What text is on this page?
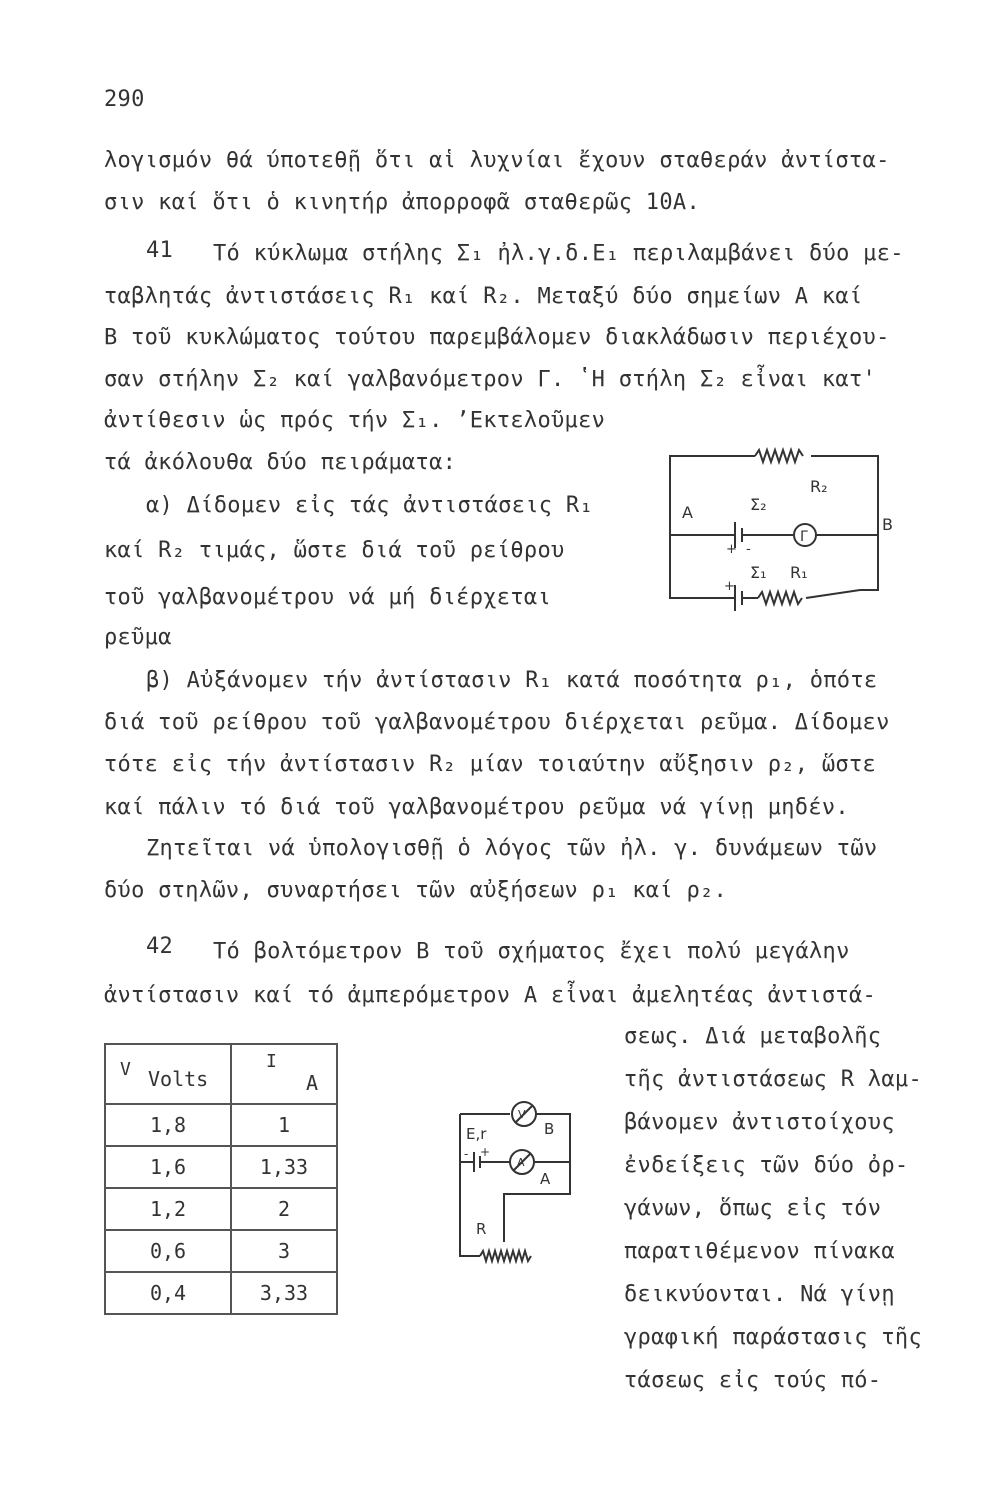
290
λογισμόν θά ύποτεθῇ ὅτι αἱ λυχνίαι ἔχουν σταθεράν ἀντίστα-
σιν καί ὅτι ὁ κινητήρ ἀπορροφᾶ σταθερῶς 10Α.
41 Τό κύκλωμα στήλης Σ₁ ἠλ.γ.δ.Ε₁ περιλαμβάνει δύο με-
ταβλητάς ἀντιστάσεις R₁ καί R₂. Μεταξύ δύο σημείων Α καί
Β τοῦ κυκλώματος τούτου παρεμβάλομεν διακλάδωσιν περιέχου-
σαν στήλην Σ₂ καί γαλβανόμετρον Γ. ʽΗ στήλη Σ₂ εἶναι κατ'
ἀντίθεσιν ὡς πρός τήν Σ₁. ʼΕκτελοῦμεν
τά ἀκόλουθα δύο πειράματα:
α) Δίδομεν εἰς τάς ἀντιστάσεις R₁
καί R₂ τιμάς, ὥστε διά τοῦ ρείθρου
τοῦ γαλβανομέτρου νά μή διέρχεται
ρεῦμα
β) Αὐξάνομεν τήν ἀντίστασιν R₁ κατά ποσότητα ρ₁, ὁπότε
διά τοῦ ρείθρου τοῦ γαλβανομέτρου διέρχεται ρεῦμα. Δίδομεν
τότε εἰς τήν ἀντίστασιν R₂ μίαν τοιαύτην αὔξησιν ρ₂, ὥστε
καί πάλιν τό διά τοῦ γαλβανομέτρου ρεῦμα νά γίνῃ μηδέν.
Ζητεῖται νά ὑπολογισθῇ ὁ λόγος τῶν ἠλ. γ. δυνάμεων τῶν
δύο στηλῶν, συναρτήσει τῶν αὐξήσεων ρ₁ καί ρ₂.
R₂
Σ₂
A
B
Γ
+ -
Σ₁ R₁
+
42 Τό βολτόμετρον Β τοῦ σχήματος ἔχει πολύ μεγάλην
ἀντίστασιν καί τό ἀμπερόμετρον Α εἶναι ἀμελητέας ἀντιστά-
σεως. Διά μεταβολῆς
τῆς ἀντιστάσεως R λαμ-
βάνομεν ἀντιστοίχους
ἐνδείξεις τῶν δύο ὀρ-
γάνων, ὅπως εἰς τόν
παρατιθέμενον πίνακα
δεικνύονται. Νά γίνῃ
γραφική παράστασις τῆς
τάσεως εἰς τούς πό-
V Volts	I
A

1,8	1
1,6	1,33
1,2	2
0,6	3
0,4	3,33
Ε,r	Β
Α
R
V
A
+
-
